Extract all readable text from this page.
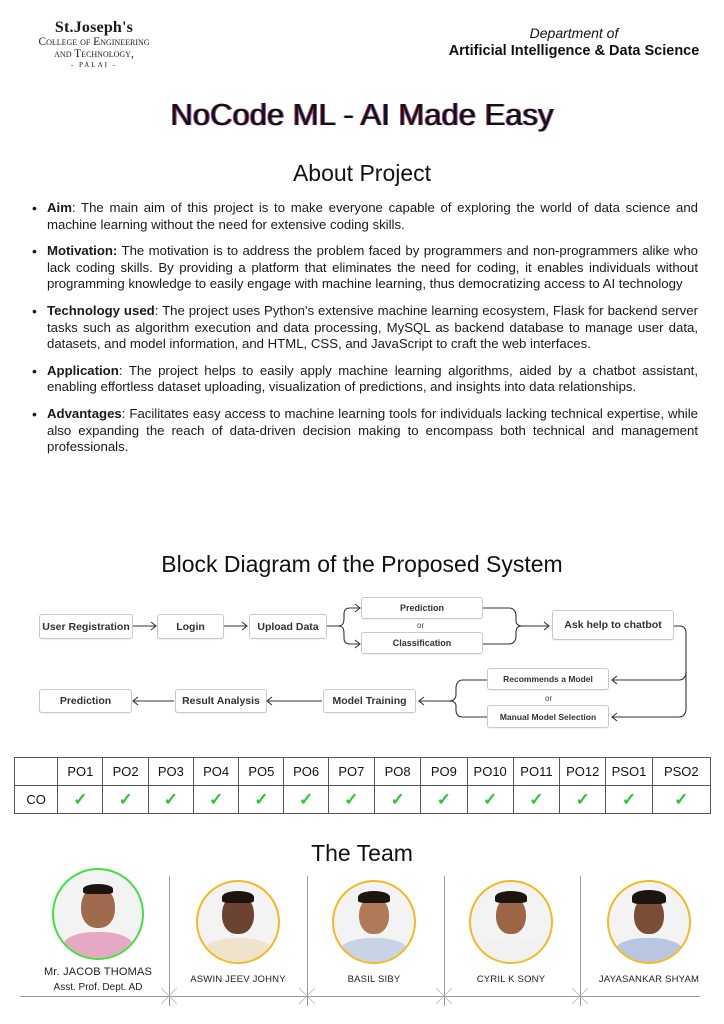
St.Joseph's
College of Engineering
and Technology,
- PALAI -
Department of
Artificial Intelligence & Data Science
NoCode ML - AI Made Easy
About Project
• Aim: The main aim of this project is to make everyone capable of exploring the world of data science and machine learning without the need for extensive coding skills.
• Motivation: The motivation is to address the problem faced by programmers and non-programmers alike who lack coding skills. By providing a platform that eliminates the need for coding, it enables individuals without programming knowledge to easily engage with machine learning, thus democratizing access to AI technology
• Technology used: The project uses Python's extensive machine learning ecosystem, Flask for backend server tasks such as algorithm execution and data processing, MySQL as backend database to manage user data, datasets, and model information, and HTML, CSS, and JavaScript to craft the web interfaces.
• Application: The project helps to easily apply machine learning algorithms, aided by a chatbot assistant, enabling effortless dataset uploading, visualization of predictions, and insights into data relationships.
• Advantages: Facilitates easy access to machine learning tools for individuals lacking technical expertise, while also expanding the reach of data-driven decision making to encompass both technical and management professionals.
Block Diagram of the Proposed System
User Registration	Login	Upload Data
Prediction
or
Classification
Ask help to chatbot
Recommends a Model
or
Manual Model Selection
Model Training
Result Analysis
Prediction
	PO1	PO2	PO3	PO4	PO5	PO6	PO7	PO8	PO9	PO10	PO11	PO12	PSO1	PSO2
CO	✓	✓	✓	✓	✓	✓	✓	✓	✓	✓	✓	✓	✓	✓
The Team
Mr. JACOB THOMAS
Asst. Prof. Dept. AD
ASWIN JEEV JOHNY	BASIL SIBY	CYRIL K SONY	JAYASANKAR SHYAM
